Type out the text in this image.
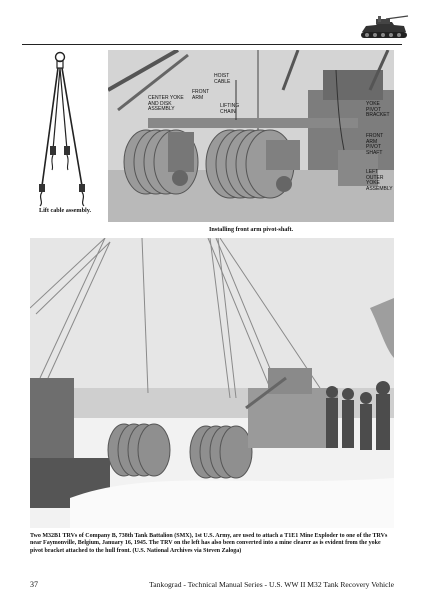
Lift cable assembly.
HOIST
CABLE
FRONT
ARM
CENTER YOKE
AND DISK
ASSEMBLY
LIFTING
CHAIN
YOKE
PIVOT
BRACKET
FRONT
ARM
PIVOT
SHAFT
LEFT
OUTER
YOKE
ASSEMBLY
Installing front arm pivot-shaft.
Two M32B1 TRVs of Company B, 738th Tank Battalion (SMX), 1st U.S. Army, are used to attach a T1E1 Mine Exploder to one of the TRVs near Faymonville, Belgium, January 16, 1945. The TRV on the left has also been converted into a mine clearer as is evident from the yoke pivot bracket attached to the hull front. (U.S. National Archives via Steven Zaloga)
37	Tankograd - Technical Manual Series - U.S. WW II M32 Tank Recovery Vehicle
